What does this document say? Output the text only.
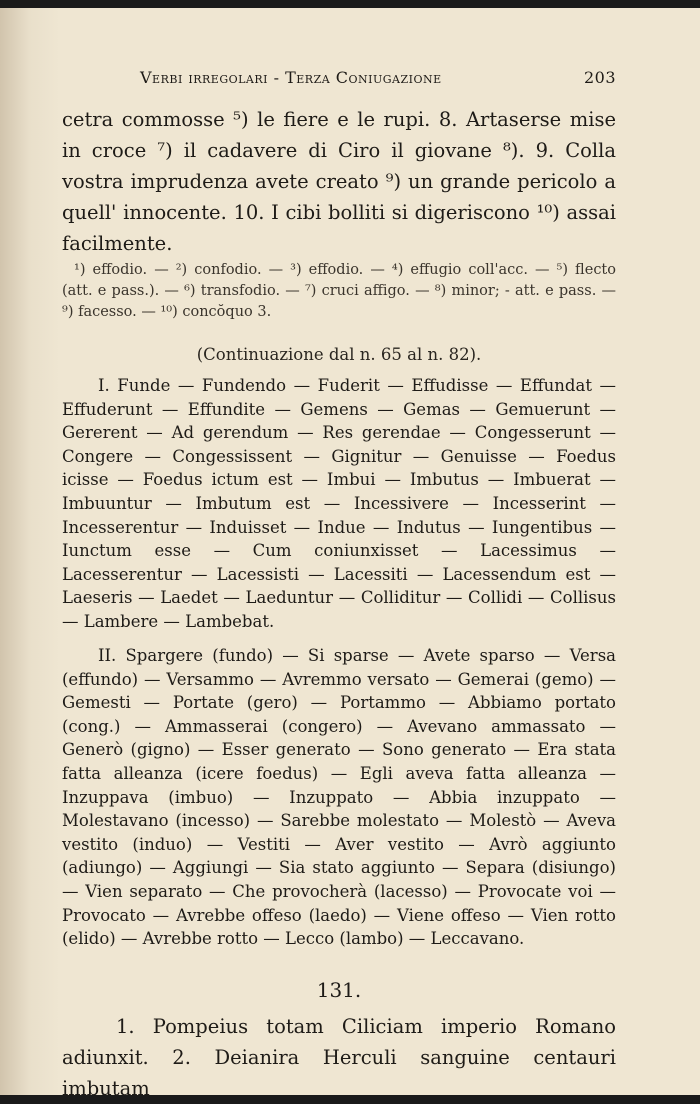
Verbi irregolari - Terza Coniugazione	203

cetra commosse ⁵) le fiere e le rupi. 8. Artaserse mise in croce ⁷) il cadavere di Ciro il giovane ⁸). 9. Colla vostra imprudenza avete creato ⁹) un grande pericolo a quell' innocente. 10. I cibi bolliti si digeriscono ¹⁰) assai facilmente.

¹) effodio. — ²) confodio. — ³) effodio. — ⁴) effugio coll'acc. — ⁵) flecto (att. e pass.). — ⁶) transfodio. — ⁷) cruci affigo. — ⁸) minor; - att. e pass. — ⁹) facesso. — ¹⁰) concŏquo 3.

(Continuazione dal n. 65 al n. 82).

I. Funde — Fundendo — Fuderit — Effudisse — Effundat — Effuderunt — Effundite — Gemens — Gemas — Gemuerunt — Gererent — Ad gerendum — Res gerendae — Congesserunt — Congere — Congessissent — Gignitur — Genuisse — Foedus icisse — Foedus ictum est — Imbui — Imbutus — Imbuerat — Imbuuntur — Imbutum est — Incessivere — Incesserint — Incesserentur — Induisset — Indue — Indutus — Iungentibus — Iunctum esse — Cum coniunxisset — Lacessimus — Lacesserentur — Lacessisti — Lacessiti — Lacessendum est — Laeseris — Laedet — Laeduntur — Colliditur — Collidi — Collisus — Lambere — Lambebat.

II. Spargere (fundo) — Si sparse — Avete sparso — Versa (effundo) — Versammo — Avremmo versato — Gemerai (gemo) — Gemesti — Portate (gero) — Portammo — Abbiamo portato (cong.) — Ammasserai (congero) — Avevano ammassato — Generò (gigno) — Esser generato — Sono generato — Era stata fatta alleanza (icere foedus) — Egli aveva fatta alleanza — Inzuppava (imbuo) — Inzuppato — Abbia inzuppato — Molestavano (incesso) — Sarebbe molestato — Molestò — Aveva vestito (induo) — Vestiti — Aver vestito — Avrò aggiunto (adiungo) — Aggiungi — Sia stato aggiunto — Separa (disiungo) — Vien separato — Che provocherà (lacesso) — Provocate voi — Provocato — Avrebbe offeso (laedo) — Viene offeso — Vien rotto (elido) — Avrebbe rotto — Lecco (lambo) — Leccavano.

131.

1. Pompeius totam Ciliciam imperio Romano adiunxit. 2. Deianira Herculi sanguine centauri imbutam
